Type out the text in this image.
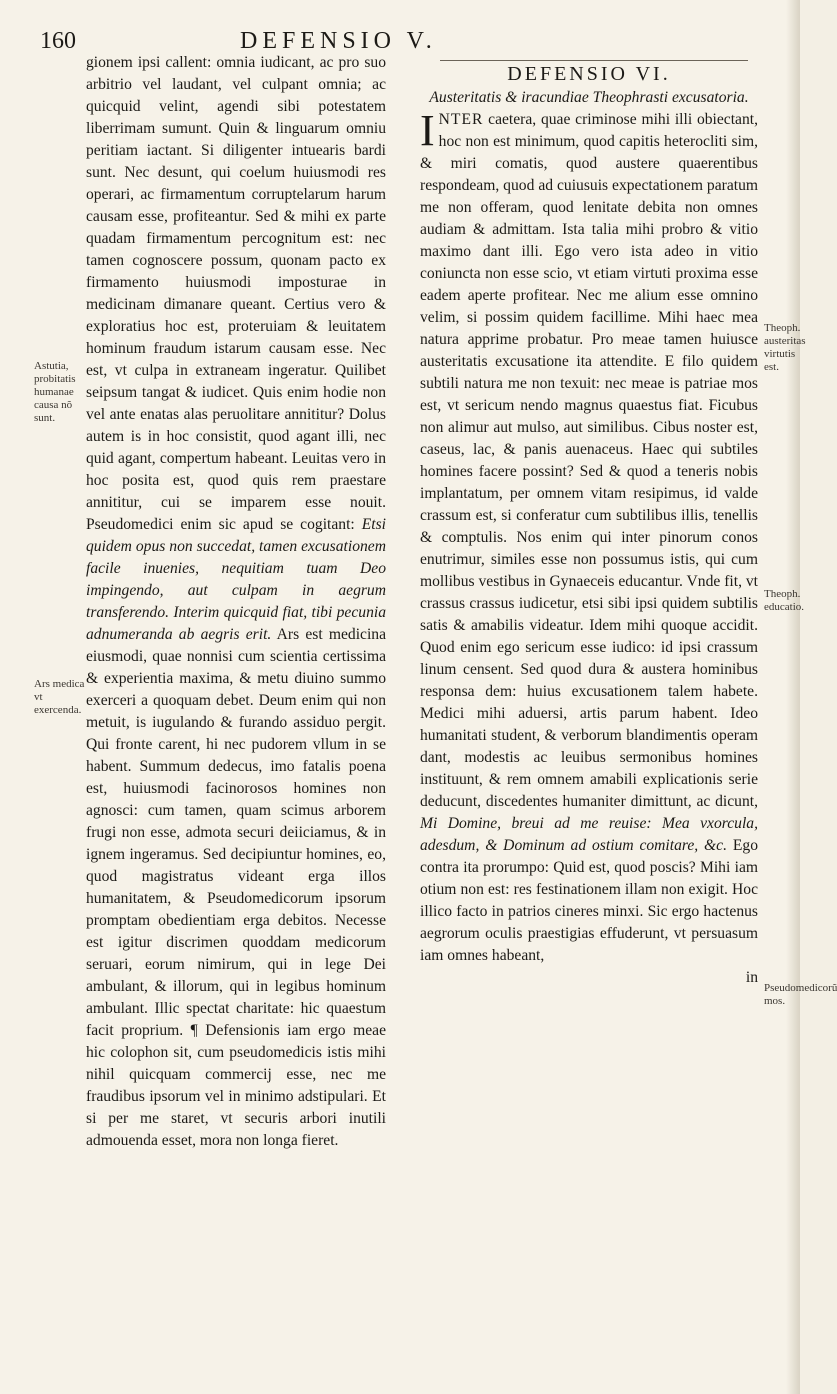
160	DEFENSIO V.

gionem ipsi callent: omnia iudicant, ac pro suo arbitrio vel laudant, vel culpant omnia; ac quicquid velint, agendi sibi potestatem liberrimam sumunt. Quin & linguarum omniu peritiam iactant. Si diligenter intuearis bardi sunt. Nec desunt, qui coelum huiusmodi res operari, ac firmamentum corruptelarum harum causam esse, profiteantur. Sed & mihi ex parte quadam firmamentum percognitum est: nec tamen cognoscere possum, quonam pacto ex firmamento huiusmodi imposturae in medicinam dimanare queant. Certius vero & exploratius hoc est, proteruiam & leuitatem hominum fraudum istarum causam esse. Nec est, vt culpa in extraneam ingeratur. Quilibet seipsum tangat & iudicet. Quis enim hodie non vel ante enatas alas peruolitare annititur? Dolus autem is in hoc consistit, quod agant illi, nec quid agant, compertum habeant. Leuitas vero in hoc posita est, quod quis rem praestare annititur, cui se imparem esse nouit. Pseudomedici enim sic apud se cogitant: Etsi quidem opus non succedat, tamen excusationem facile inuenies, nequitiam tuam Deo impingendo, aut culpam in aegrum transferendo. Interim quicquid fiat, tibi pecunia adnumeranda ab aegris erit. Ars est medicina eiusmodi, quae nonnisi cum scientia certissima & experientia maxima, & metu diuino summo exerceri a quoquam debet. Deum enim qui non metuit, is iugulando & furando assiduo pergit. Qui fronte carent, hi nec pudorem vllum in se habent. Summum dedecus, imo fatalis poena est, huiusmodi facinorosos homines non agnosci: cum tamen, quam scimus arborem frugi non esse, admota securi deiiciamus, & in ignem ingeramus. Sed decipiuntur homines, eo, quod magistratus videant erga illos humanitatem, & Pseudomedicorum ipsorum promptam obedientiam erga debitos. Necesse est igitur discrimen quoddam medicorum seruari, eorum nimirum, qui in lege Dei ambulant, & illorum, qui in legibus hominum ambulant. Illic spectat charitate: hic quaestum facit proprium. ¶ Defensionis iam ergo meae hic colophon sit, cum pseudomedicis istis mihi nihil quicquam commercij esse, nec me fraudibus ipsorum vel in minimo adstipulari. Et si per me staret, vt securis arbori inutili admouenda esset, mora non longa fieret.

DEFENSIO VI.

Austeritatis & iracundiae Theophrasti excusatoria.

INTER caetera, quae criminose mihi illi obiectant, hoc non est minimum, quod capitis heterocliti sim, & miri comatis, quod austere quaerentibus respondeam, quod ad cuiusuis expectationem paratum me non offeram, quod lenitate debita non omnes audiam & admittam. Ista talia mihi probro & vitio maximo dant illi. Ego vero ista adeo in vitio coniuncta non esse scio, vt etiam virtuti proxima esse eadem aperte profitear. Nec me alium esse omnino velim, si possim quidem facillime. Mihi haec mea natura apprime probatur. Pro meae tamen huiusce austeritatis excusatione ita attendite. E filo quidem subtili natura me non texuit: nec meae is patriae mos est, vt sericum nendo magnus quaestus fiat. Ficubus non alimur aut mulso, aut similibus. Cibus noster est, caseus, lac, & panis auenaceus. Haec qui subtiles homines facere possint? Sed & quod a teneris nobis implantatum, per omnem vitam resipimus, id valde crassum est, si conferatur cum subtilibus illis, tenellis & comptulis. Nos enim qui inter pinorum conos enutrimur, similes esse non possumus istis, qui cum mollibus vestibus in Gynaeceis educantur. Vnde fit, vt crassus crassus iudicetur, etsi sibi ipsi quidem subtilis satis & amabilis videatur. Idem mihi quoque accidit. Quod enim ego sericum esse iudico: id ipsi crassum linum censent. Sed quod dura & austera hominibus responsa dem: huius excusationem talem habete. Medici mihi aduersi, artis parum habent. Ideo humanitati student, & verborum blandimentis operam dant, modestis ac leuibus sermonibus homines instituunt, & rem omnem amabili explicationis serie deducunt, discedentes humaniter dimittunt, ac dicunt, Mi Domine, breui ad me reuise: Mea vxorcula, adesdum, & Dominum ad ostium comitare, &c. Ego contra ita prorumpo: Quid est, quod poscis? Mihi iam otium non est: res festinationem illam non exigit. Hoc illico facto in patrios cineres minxi. Sic ergo hactenus aegrorum oculis praestigias effuderunt, vt persuasum iam omnes habeant,

in

Astutia, probitatis humanae causa nõ sunt.
Ars medica vt exercenda.
Theoph. austeritas virtutis est.
Theoph. educatio.
Pseudomedicorũ mos.
